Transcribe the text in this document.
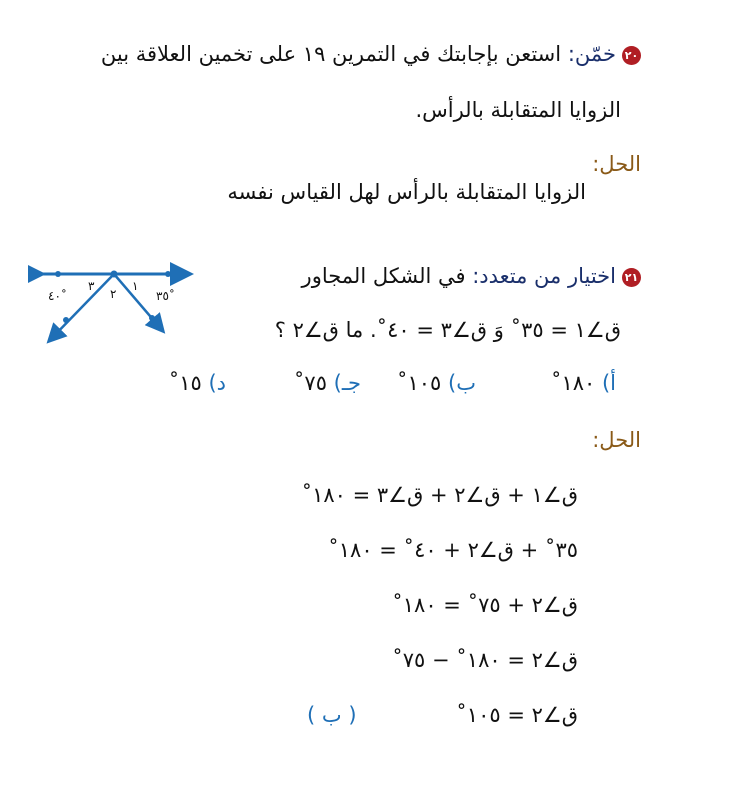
٢٠خمّن: استعن بإجابتك في التمرين ١٩ على تخمين العلاقة بين
الزوايا المتقابلة بالرأس.
الحل:
الزوايا المتقابلة بالرأس لهل القياس نفسه
٢١اختيار من متعدد: في الشكل المجاور
ق∠١ = ٣٥˚ وَ ق∠٣ = ٤٠˚. ما ق∠٢ ؟
أ) ١٨٠˚
ب) ١٠٥˚
جـ) ٧٥˚
د) ١٥˚
١
٢
٣
٣٥˚
٤٠˚
الحل:
ق∠١ + ق∠٢ + ق∠٣ = ١٨٠˚
٣٥˚ + ق∠٢ + ٤٠˚ = ١٨٠˚
ق∠٢ + ٧٥˚ = ١٨٠˚
ق∠٢ = ١٨٠˚ − ٧٥˚
ق∠٢ = ١٠٥˚
( ب )
